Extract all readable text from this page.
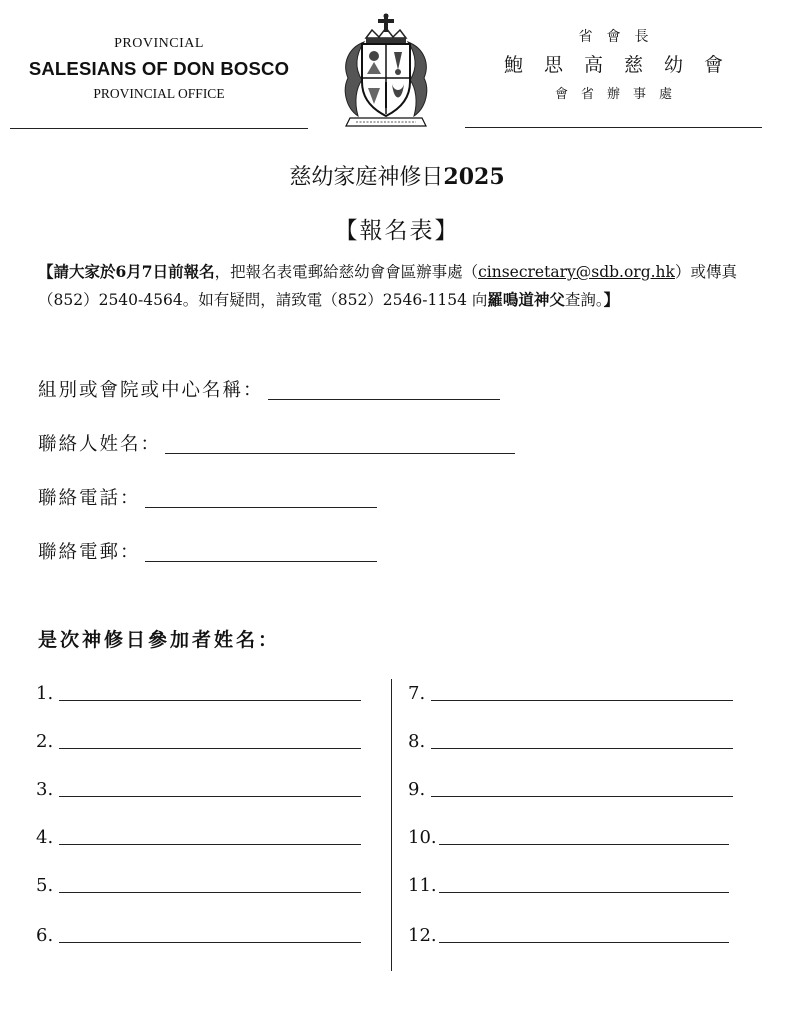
PROVINCIAL
SALESIANS OF DON BOSCO
PROVINCIAL OFFICE
省會長
鮑思高慈幼會
會省辦事處
慈幼家庭神修日2025
【報名表】
【請大家於6月7日前報名，把報名表電郵給慈幼會會區辦事處（cinsecretary@sdb.org.hk）或傳真（852）2540-4564。如有疑問，請致電（852）2546-1154 向羅鳴道神父查詢。】
組別或會院或中心名稱：
聯絡人姓名：
聯絡電話：
聯絡電郵：
是次神修日參加者姓名：
1.
2.
3.
4.
5.
6.
7.
8.
9.
10.
11.
12.
